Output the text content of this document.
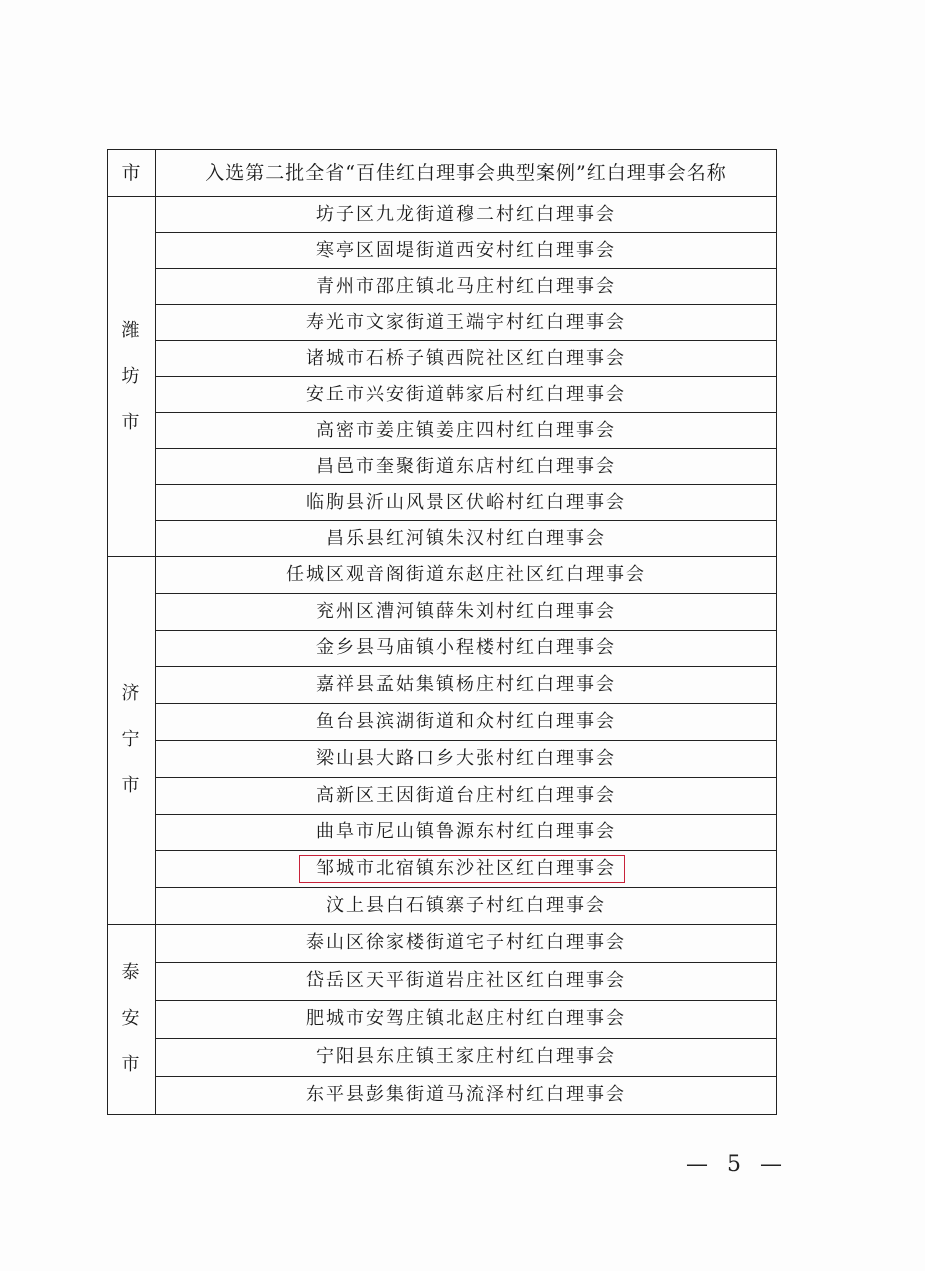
市	入选第二批全省“百佳红白理事会典型案例”红白理事会名称
潍坊市	坊子区九龙街道穆二村红白理事会
	寒亭区固堤街道西安村红白理事会
	青州市邵庄镇北马庄村红白理事会
	寿光市文家街道王端宇村红白理事会
	诸城市石桥子镇西院社区红白理事会
	安丘市兴安街道韩家后村红白理事会
	高密市姜庄镇姜庄四村红白理事会
	昌邑市奎聚街道东店村红白理事会
	临朐县沂山风景区伏峪村红白理事会
	昌乐县红河镇朱汉村红白理事会
济宁市	任城区观音阁街道东赵庄社区红白理事会
	兖州区漕河镇薛朱刘村红白理事会
	金乡县马庙镇小程楼村红白理事会
	嘉祥县孟姑集镇杨庄村红白理事会
	鱼台县滨湖街道和众村红白理事会
	梁山县大路口乡大张村红白理事会
	高新区王因街道台庄村红白理事会
	曲阜市尼山镇鲁源东村红白理事会
	邹城市北宿镇东沙社区红白理事会
	汶上县白石镇寨子村红白理事会
泰安市	泰山区徐家楼街道宅子村红白理事会
	岱岳区天平街道岩庄社区红白理事会
	肥城市安驾庄镇北赵庄村红白理事会
	宁阳县东庄镇王家庄村红白理事会
	东平县彭集街道马流泽村红白理事会
— 5 —
